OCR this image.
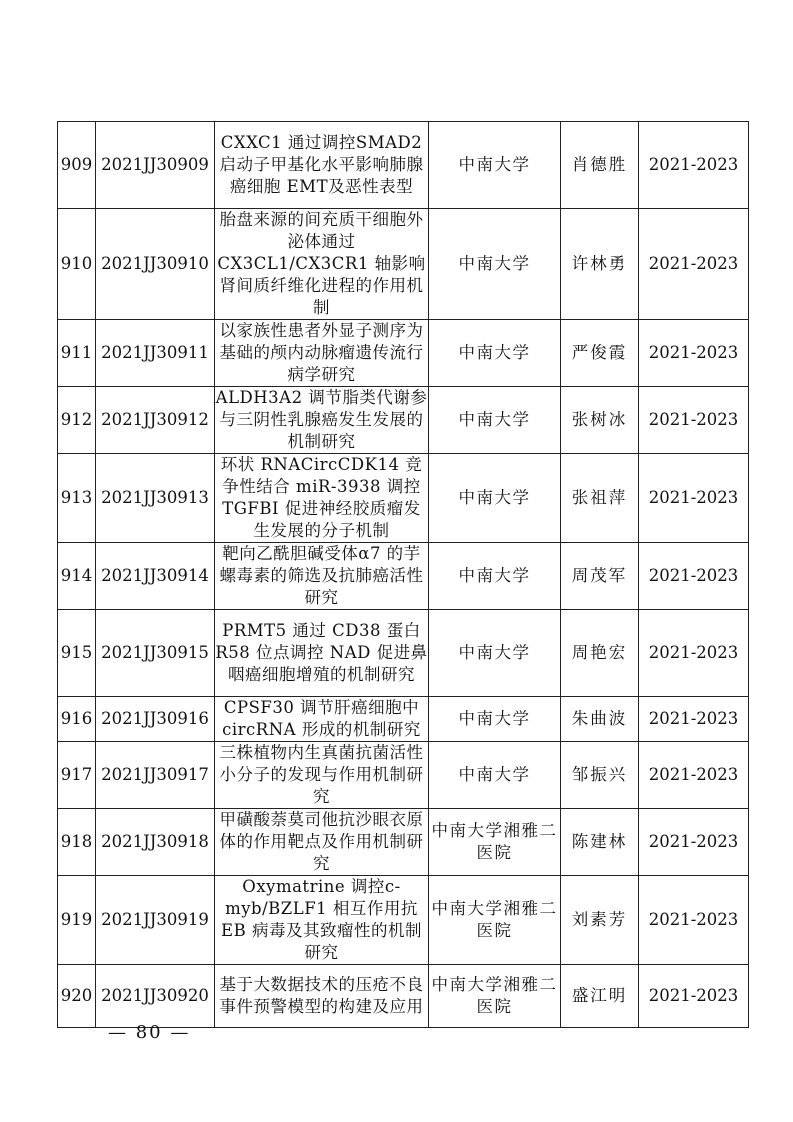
909	2021JJ30909	CXXC1 通过调控SMAD2 启动子甲基化水平影响肺腺癌细胞 EMT及恶性表型	中南大学	肖德胜	2021-2023
910	2021JJ30910	胎盘来源的间充质干细胞外泌体通过CX3CL1/CX3CR1 轴影响肾间质纤维化进程的作用机制	中南大学	许林勇	2021-2023
911	2021JJ30911	以家族性患者外显子测序为基础的颅内动脉瘤遗传流行病学研究	中南大学	严俊霞	2021-2023
912	2021JJ30912	ALDH3A2 调节脂类代谢参与三阴性乳腺癌发生发展的机制研究	中南大学	张树冰	2021-2023
913	2021JJ30913	环状 RNACircCDK14 竞争性结合 miR-3938 调控TGFBI 促进神经胶质瘤发生发展的分子机制	中南大学	张祖萍	2021-2023
914	2021JJ30914	靶向乙酰胆碱受体α7 的芋螺毒素的筛选及抗肺癌活性研究	中南大学	周茂军	2021-2023
915	2021JJ30915	PRMT5 通过 CD38 蛋白R58 位点调控 NAD 促进鼻咽癌细胞增殖的机制研究	中南大学	周艳宏	2021-2023
916	2021JJ30916	CPSF30 调节肝癌细胞中circRNA 形成的机制研究	中南大学	朱曲波	2021-2023
917	2021JJ30917	三株植物内生真菌抗菌活性小分子的发现与作用机制研究	中南大学	邹振兴	2021-2023
918	2021JJ30918	甲磺酸萘莫司他抗沙眼衣原体的作用靶点及作用机制研究	中南大学湘雅二医院	陈建林	2021-2023
919	2021JJ30919	Oxymatrine 调控c-myb/BZLF1 相互作用抗 EB 病毒及其致瘤性的机制研究	中南大学湘雅二医院	刘素芳	2021-2023
920	2021JJ30920	基于大数据技术的压疮不良事件预警模型的构建及应用	中南大学湘雅二医院	盛江明	2021-2023
— 80 —
